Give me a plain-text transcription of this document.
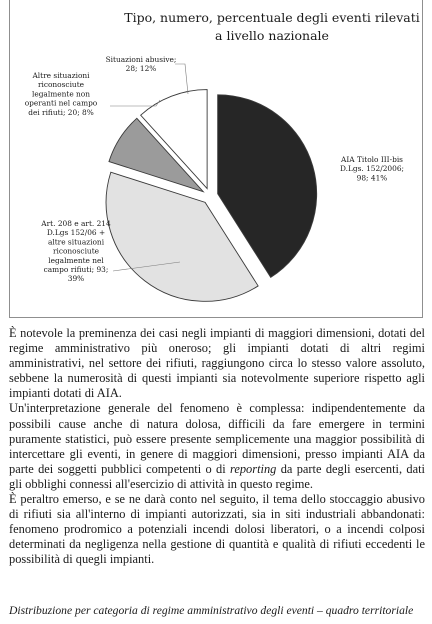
Tipo, numero, percentuale degli eventi rilevati
a livello nazionale
AIA Titolo III-bis D.Lgs. 152/2006; 98; 41%
Art. 208 e art. 214 D.Lgs 152/06 + altre situazioni riconosciute legalmente nel campo rifiuti; 93; 39%
Altre situazioni riconosciute legalmente non operanti nel campo dei rifiuti; 20; 8%
Situazioni abusive; 28; 12%

È notevole la preminenza dei casi negli impianti di maggiori dimensioni, dotati del regime amministrativo più oneroso; gli impianti dotati di altri regimi amministrativi, nel settore dei rifiuti, raggiungono circa lo stesso valore assoluto, sebbene la numerosità di questi impianti sia notevolmente superiore rispetto agli impianti dotati di AIA.

Un'interpretazione generale del fenomeno è complessa: indipendentemente da possibili cause anche di natura dolosa, difficili da fare emergere in termini puramente statistici, può essere presente semplicemente una maggior possibilità di intercettare gli eventi, in genere di maggiori dimensioni, presso impianti AIA da parte dei soggetti pubblici competenti o di reporting da parte degli esercenti, dati gli obblighi connessi all'esercizio di attività in questo regime.

È peraltro emerso, e se ne darà conto nel seguito, il tema dello stoccaggio abusivo di rifiuti sia all'interno di impianti autorizzati, sia in siti industriali abbandonati: fenomeno prodromico a potenziali incendi dolosi liberatori, o a incendi colposi determinati da negligenza nella gestione di quantità e qualità di rifiuti eccedenti le possibilità di quegli impianti.

Distribuzione per categoria di regime amministrativo degli eventi – quadro territoriale
